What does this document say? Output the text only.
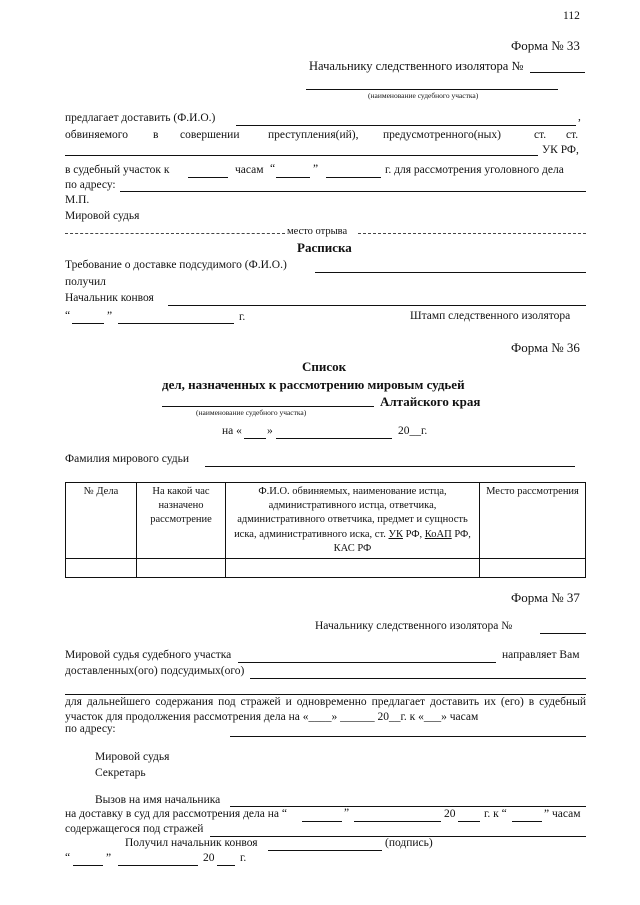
112
Форма № 33
Начальнику следственного изолятора №
(наименование судебного участка)
предлагает доставить (Ф.И.О.)	,
обвиняемого в совершении преступления(ий), предусмотренного(ных)	ст. ст.
УК РФ,
в судебный участок к	часам “	”	г. для рассмотрения уголовного дела
по адресу:
М.П.
Мировой судья
место отрыва
Расписка
Требование о доставке подсудимого (Ф.И.О.)
получил
Начальник конвоя
“	”	г.	Штамп следственного изолятора
Форма № 36
Список
дел, назначенных к рассмотрению мировым судьей
Алтайского края
(наименование судебного участка)
на « »	20__г.
Фамилия мирового судьи
№ Дела	На какой час назначено рассмотрение	Ф.И.О. обвиняемых, наименование истца, административного истца, ответчика, административного ответчика, предмет и сущность иска, административного иска, ст. УК РФ, КоАП РФ, КАС РФ	Место рассмотрения

Форма № 37
Начальнику следственного изолятора №
Мировой судья судебного участка	направляет Вам
доставленных(ого) подсудимых(ого)
для дальнейшего содержания под стражей и одновременно предлагает доставить их (его) в судебный участок для продолжения рассмотрения дела на «____» ______ 20__г. к «___» часам
по адресу:
Мировой судья
Секретарь
Вызов на имя начальника
на доставку в суд для рассмотрения дела на “	”	20 г. к “	” часам
содержащегося под стражей
Получил начальник конвоя	(подпись)
“	”	20 г.
